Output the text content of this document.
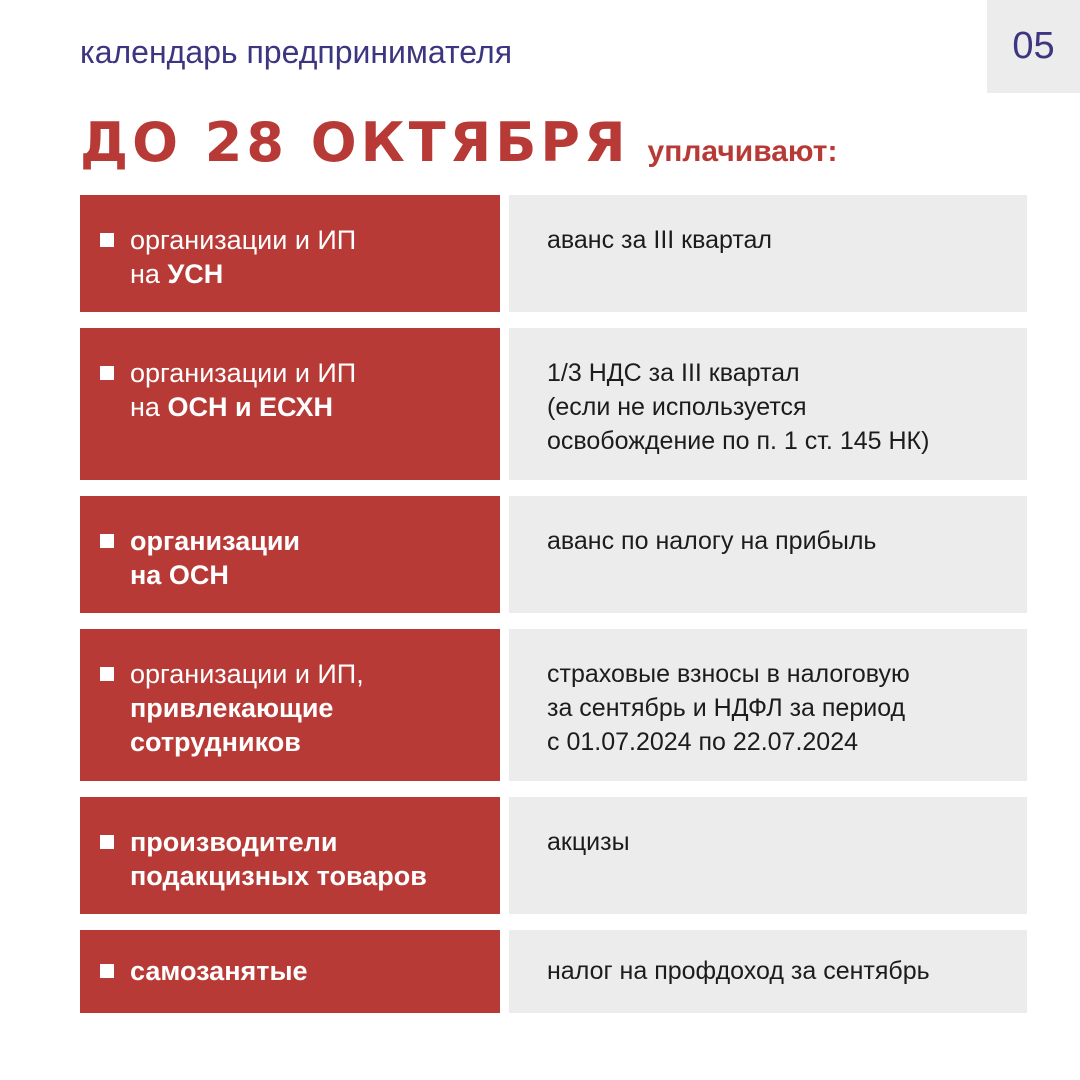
05
календарь предпринимателя
ДО 28 ОКТЯБРЯ уплачивают:
организации и ИП
на УСН
аванс за III квартал
организации и ИП
на ОСН и ЕСХН
1/3 НДС за III квартал
(если не используется
освобождение по п. 1 ст. 145 НК)
организации
на ОСН
аванс по налогу на прибыль
организации и ИП,
привлекающие
сотрудников
страховые взносы в налоговую
за сентябрь и НДФЛ за период
с 01.07.2024 по 22.07.2024
производители
подакцизных товаров
акцизы
самозанятые	налог на профдоход за сентябрь
